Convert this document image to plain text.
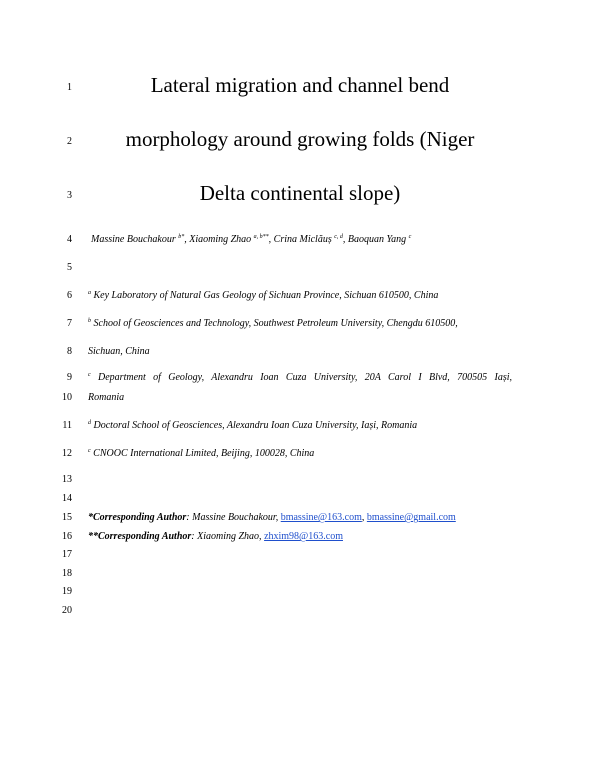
1
2
3
4
5
6
7
8
9
10
11
12
13
14
15
16
17
18
19
20
Lateral migration and channel bend
morphology around growing folds (Niger
Delta continental slope)
Massine Bouchakour $^{b*}$, Xiaoming Zhao $^{a, b**}$, Crina Miclăuș $^{c, d}$, Baoquan Yang $^c$
$^a$ Key Laboratory of Natural Gas Geology of Sichuan Province, Sichuan 610500, China
$^b$ School of Geosciences and Technology, Southwest Petroleum University, Chengdu 610500,
Sichuan, China
$^c$ Department of Geology, Alexandru Ioan Cuza University, 20A Carol I Blvd, 700505 Iași,
Romania
$^d$ Doctoral School of Geosciences, Alexandru Ioan Cuza University, Iași, Romania
$^c$ CNOOC International Limited, Beijing, 100028, China
*Corresponding Author: Massine Bouchakour, bmassine@163.com, bmassine@gmail.com
**Corresponding Author: Xiaoming Zhao, zhxim98@163.com
